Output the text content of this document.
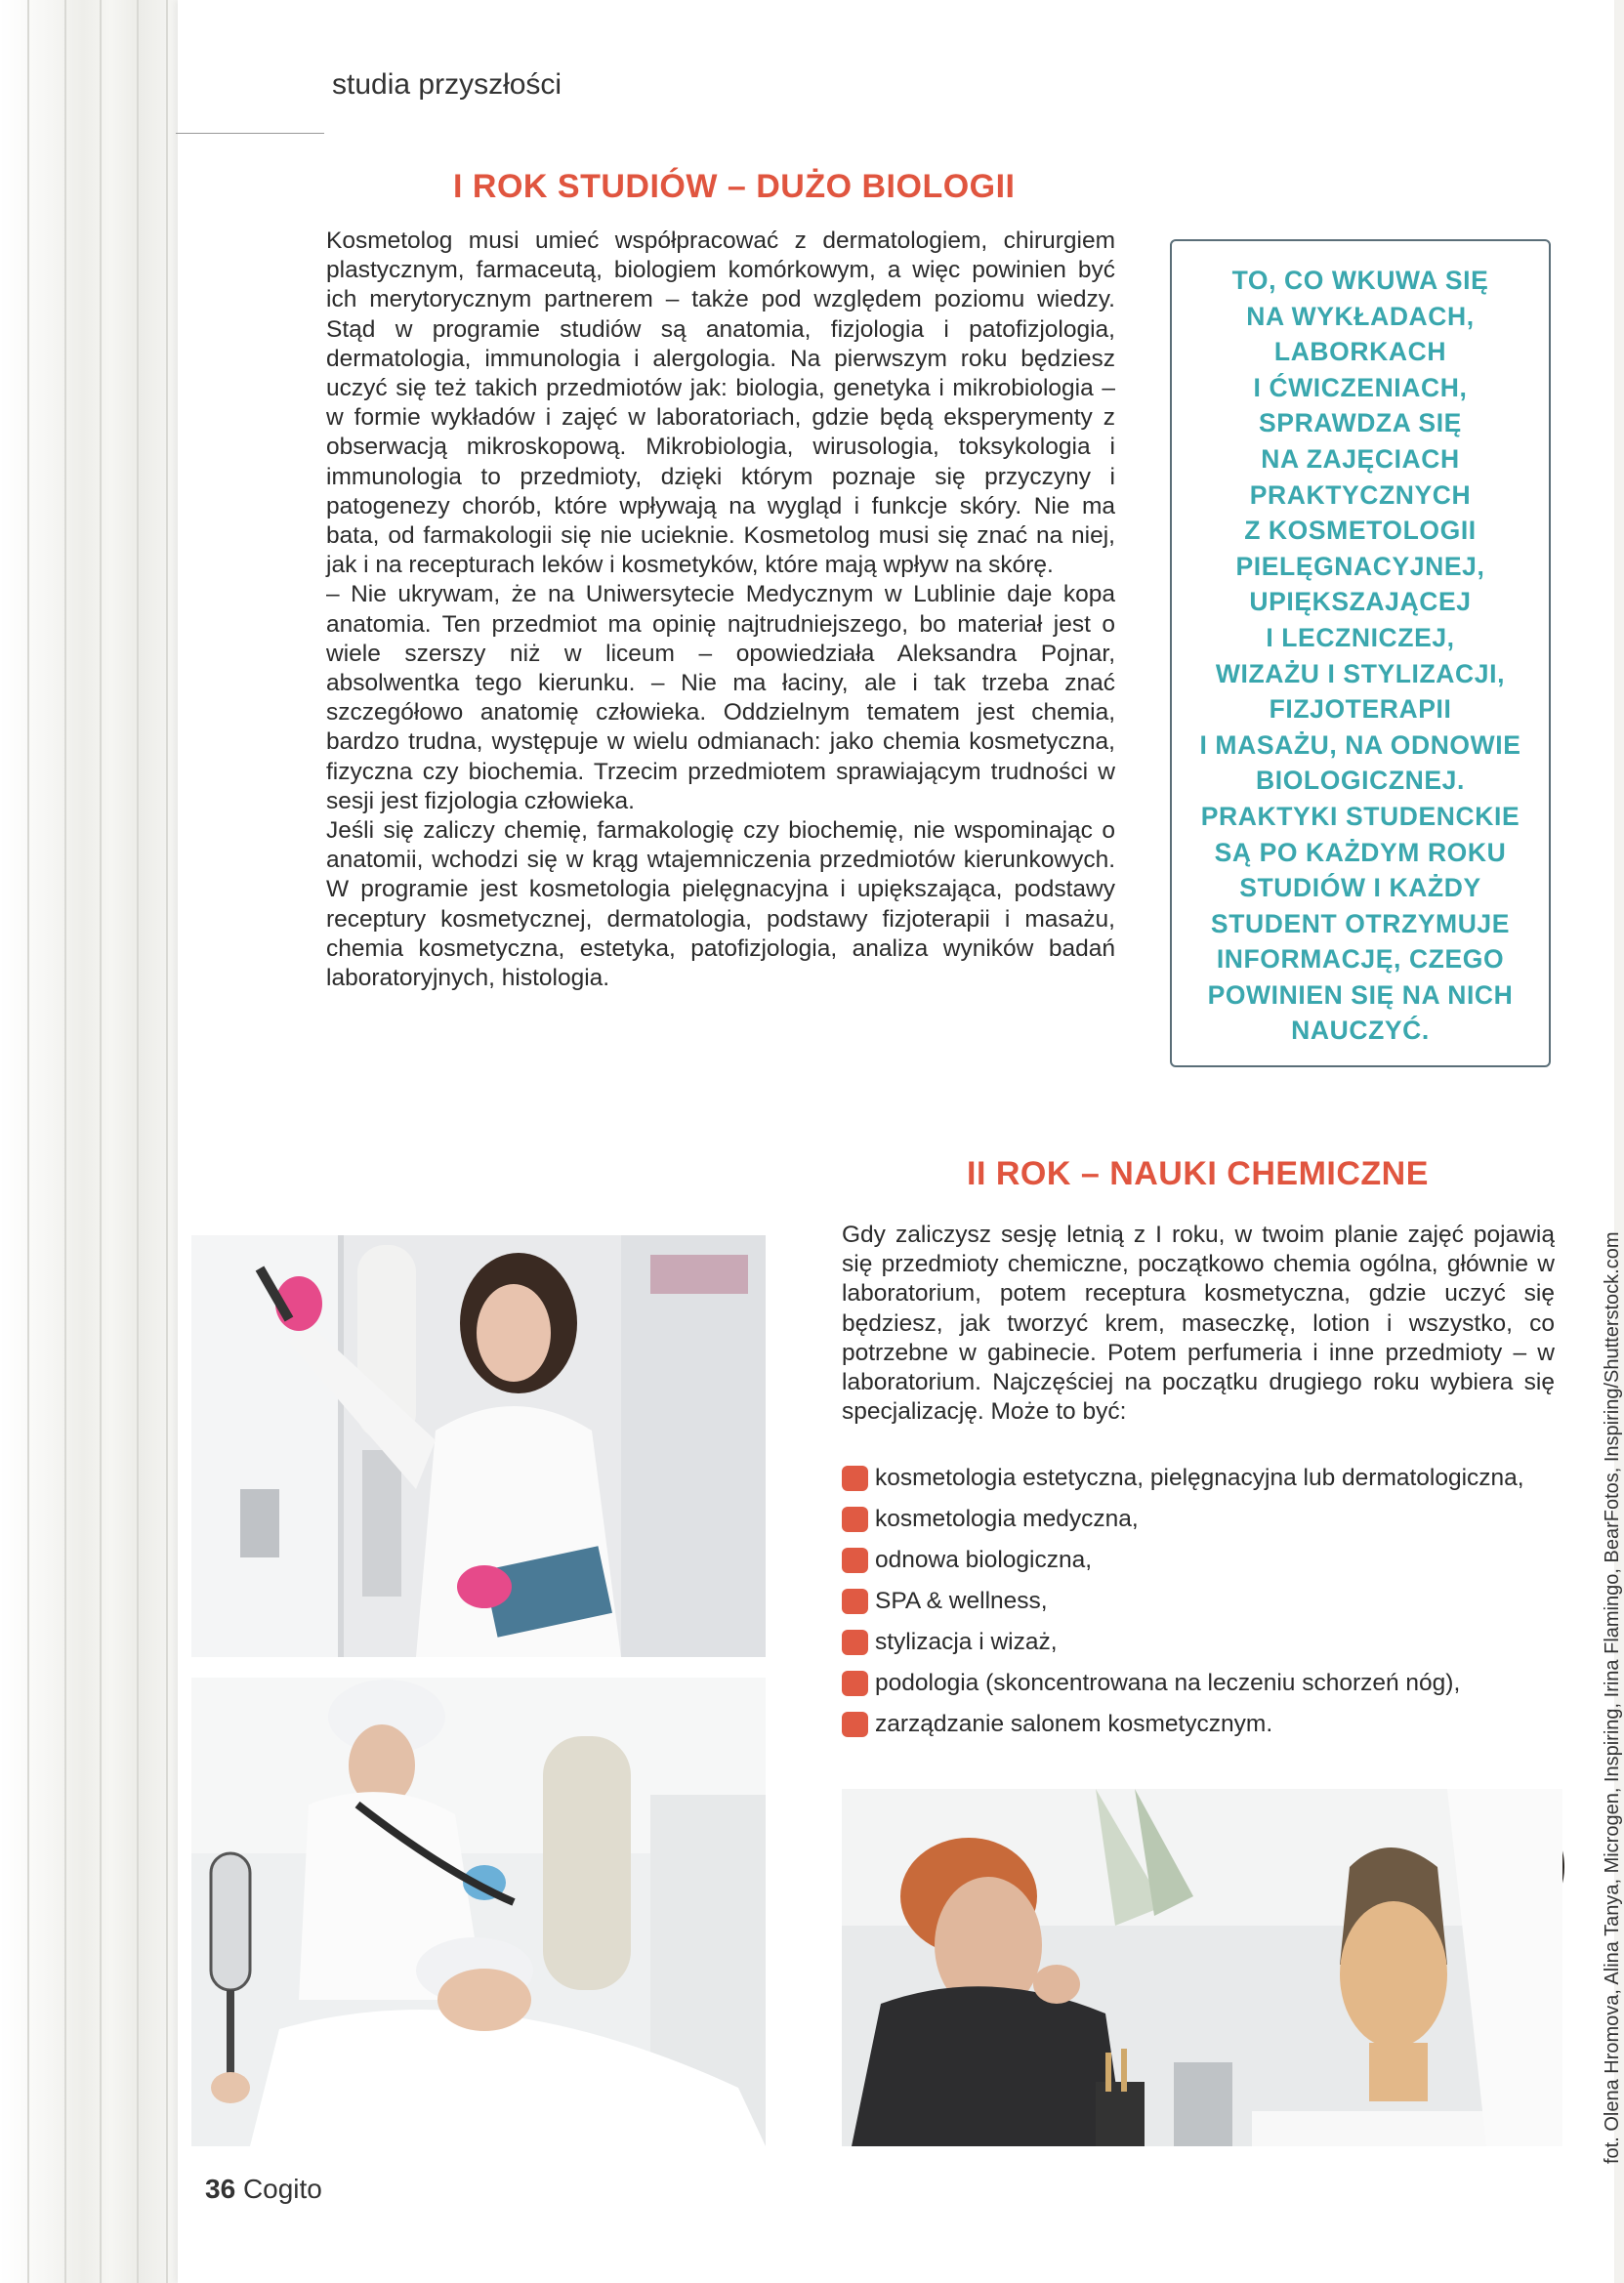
studia przyszłości
I ROK STUDIÓW – DUŻO BIOLOGII

Kosmetolog musi umieć współpracować z dermatologiem, chirurgiem plastycznym, farmaceutą, biologiem komórkowym, a więc powinien być ich merytorycznym partnerem – także pod względem poziomu wiedzy. Stąd w programie studiów są anatomia, fizjologia i patofizjologia, dermatologia, immunologia i alergologia. Na pierwszym roku będziesz uczyć się też takich przedmiotów jak: biologia, genetyka i mikrobiologia – w formie wykładów i zajęć w laboratoriach, gdzie będą eksperymenty z obserwacją mikroskopową. Mikrobiologia, wirusologia, toksykologia i immunologia to przedmioty, dzięki którym poznaje się przyczyny i patogenezy chorób, które wpływają na wygląd i funkcje skóry. Nie ma bata, od farmakologii się nie ucieknie. Kosmetolog musi się znać na niej, jak i na recepturach leków i kosmetyków, które mają wpływ na skórę.

– Nie ukrywam, że na Uniwersytecie Medycznym w Lublinie daje kopa anatomia. Ten przedmiot ma opinię najtrudniejszego, bo materiał jest o wiele szerszy niż w liceum – opowiedziała Aleksandra Pojnar, absolwentka tego kierunku. – Nie ma łaciny, ale i tak trzeba znać szczegółowo anatomię człowieka. Oddzielnym tematem jest chemia, bardzo trudna, występuje w wielu odmianach: jako chemia kosmetyczna, fizyczna czy biochemia. Trzecim przedmiotem sprawiającym trudności w sesji jest fizjologia człowieka.

Jeśli się zaliczy chemię, farmakologię czy biochemię, nie wspominając o anatomii, wchodzi się w krąg wtajemniczenia przedmiotów kierunkowych. W programie jest kosmetologia pielęgnacyjna i upiększająca, podstawy receptury kosmetycznej, dermatologia, podstawy fizjoterapii i masażu, chemia kosmetyczna, estetyka, patofizjologia, analiza wyników badań laboratoryjnych, histologia.

TO, CO WKUWA SIĘ
NA WYKŁADACH,
LABORKACH
I ĆWICZENIACH,
SPRAWDZA SIĘ
NA ZAJĘCIACH
PRAKTYCZNYCH
Z KOSMETOLOGII
PIELĘGNACYJNEJ,
UPIĘKSZAJĄCEJ
I LECZNICZEJ,
WIZAŻU I STYLIZACJI,
FIZJOTERAPII
I MASAŻU, NA ODNOWIE
BIOLOGICZNEJ.
PRAKTYKI STUDENCKIE
SĄ PO KAŻDYM ROKU
STUDIÓW I KAŻDY
STUDENT OTRZYMUJE
INFORMACJĘ, CZEGO
POWINIEN SIĘ NA NICH
NAUCZYĆ.

II ROK – NAUKI CHEMICZNE

Gdy zaliczysz sesję letnią z I roku, w twoim planie zajęć pojawią się przedmioty chemiczne, początkowo chemia ogólna, głównie w laboratorium, potem receptura kosmetyczna, gdzie uczyć się będziesz, jak tworzyć krem, maseczkę, lotion i wszystko, co potrzebne w gabinecie. Potem perfumeria i inne przedmioty – w laboratorium. Najczęściej na początku drugiego roku wybiera się specjalizację. Może to być:

kosmetologia estetyczna, pielęgnacyjna lub dermatologiczna,
kosmetologia medyczna,
odnowa biologiczna,
SPA & wellness,
stylizacja i wizaż,
podologia (skoncentrowana na leczeniu schorzeń nóg),
zarządzanie salonem kosmetycznym.
36 Cogito
fot. Olena Hromova, Alina Tanya, Microgen, Inspiring, Irina Flamingo, BearFotos, Inspiring/Shutterstock.com
